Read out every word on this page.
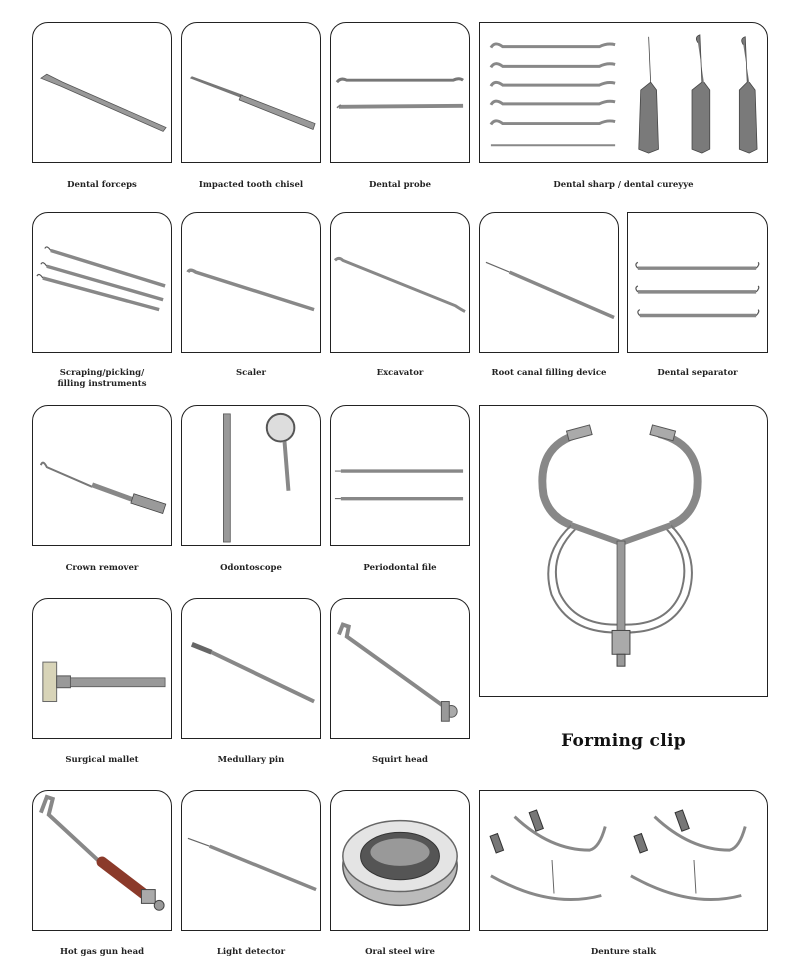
Dental forceps	Impacted tooth chisel	Dental probe	Dental sharp / dental cureyye
Scraping/picking/
filling instruments
Scaler	Excavator	Root canal filling device	Dental separator
Crown remover	Odontoscope	Periodontal file
Forming clip
Surgical mallet	Medullary pin	Squirt head
Hot gas gun head	Light detector	Oral steel wire	Denture stalk
